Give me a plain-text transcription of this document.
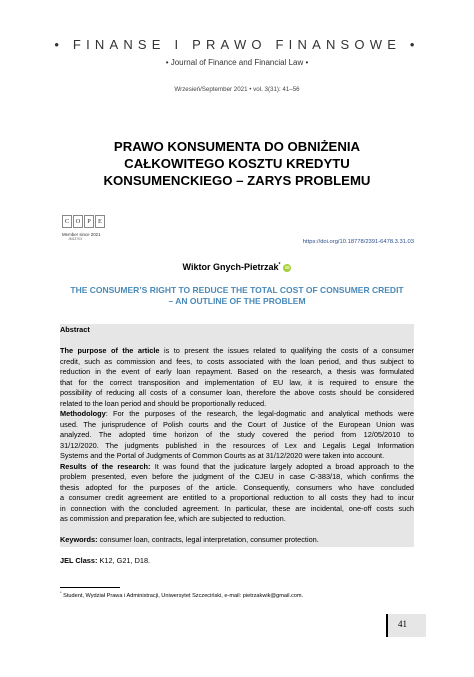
• FINANSE I PRAWO FINANSOWE •
• Journal of Finance and Financial Law •
Wrzesień/September 2021 • vol. 3(31): 41–56
PRAWO KONSUMENTA DO OBNIŻENIA
CAŁKOWITEGO KOSZTU KREDYTU
KONSUMENCKIEGO – ZARYS PROBLEMU
C O	P	E
Member since 2021
JM13703	https://doi.org/10.18778/2391-6478.3.31.03
Wiktor Gnych-Pietrzak* iD
THE CONSUMER’S RIGHT TO REDUCE THE TOTAL COST OF CONSUMER CREDIT
– AN OUTLINE OF THE PROBLEM
Abstract
The purpose of the article is to present the issues related to qualifying the costs of a consumer
credit, such as commission and fees, to costs associated with the loan period, and thus subject to
reduction in the event of early loan repayment. Based on the research, a thesis was formulated
that for the correct transposition and implementation of EU law, it is required to ensure the
possibility of reducing all costs of a consumer loan, therefore the above costs should be considered
related to the loan period and should be proportionally reduced.
Methodology: For the purposes of the research, the legal-dogmatic and analytical methods were
used. The jurisprudence of Polish courts and the Court of Justice of the European Union was
analyzed. The adopted time horizon of the study covered the period from 12/05/2010 to
31/12/2020. The judgments published in the resources of Lex and Legalis Legal Information
Systems and the Portal of Judgments of Common Courts as at 31/12/2020 were taken into account.
Results of the research: It was found that the judicature largely adopted a broad approach to the
problem presented, even before the judgment of the CJEU in case C-383/18, which confirms the
thesis adopted for the purposes of the article. Consequently, consumers who have concluded
a consumer credit agreement are entitled to a proportional reduction to all costs they had to incur
in connection with the concluded agreement. In particular, these are incidental, one-off costs such
as commission and preparation fee, which are subjected to reduction.
Keywords: consumer loan, contracts, legal interpretation, consumer protection.
JEL Class: K12, G21, D18.
* Student, Wydział Prawa i Administracji, Uniwersytet Szczeciński, e-mail: pietrzakwik@gmail.com.
41
